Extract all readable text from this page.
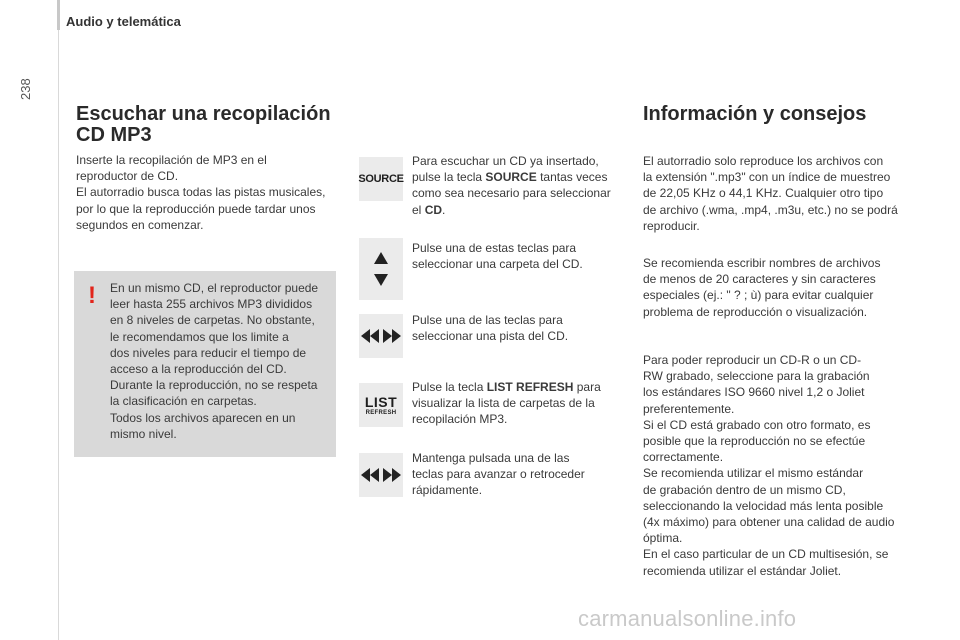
238
Audio y telemática
Escuchar una recopilación
CD MP3

Inserte la recopilación de MP3 en el

reproductor de CD.

El autorradio busca todas las pistas musicales,

por lo que la reproducción puede tardar unos

segundos en comenzar.

! En un mismo CD, el reproductor puede

leer hasta 255 archivos MP3 divididos

en 8 niveles de carpetas. No obstante,

le recomendamos que los limite a

dos niveles para reducir el tiempo de

acceso a la reproducción del CD.

Durante la reproducción, no se respeta

la clasificación en carpetas.

Todos los archivos aparecen en un

mismo nivel.

SOURCE

Para escuchar un CD ya insertado,

pulse la tecla SOURCE tantas veces

como sea necesario para seleccionar

el CD.

Pulse una de estas teclas para

seleccionar una carpeta del CD.

Pulse una de las teclas para

seleccionar una pista del CD.

LIST
REFRESH

Pulse la tecla LIST REFRESH para

visualizar la lista de carpetas de la

recopilación MP3.

Mantenga pulsada una de las

teclas para avanzar o retroceder

rápidamente.

Información y consejos

El autorradio solo reproduce los archivos con

la extensión ".mp3" con un índice de muestreo

de 22,05 KHz o 44,1 KHz. Cualquier otro tipo

de archivo (.wma, .mp4, .m3u, etc.) no se podrá

reproducir.

Se recomienda escribir nombres de archivos

de menos de 20 caracteres y sin caracteres

especiales (ej.: " ? ; ù) para evitar cualquier

problema de reproducción o visualización.

Para poder reproducir un CD-R o un CD-

RW grabado, seleccione para la grabación

los estándares ISO 9660 nivel 1,2 o Joliet

preferentemente.

Si el CD está grabado con otro formato, es

posible que la reproducción no se efectúe

correctamente.

Se recomienda utilizar el mismo estándar

de grabación dentro de un mismo CD,

seleccionando la velocidad más lenta posible

(4x máximo) para obtener una calidad de audio

óptima.

En el caso particular de un CD multisesión, se

recomienda utilizar el estándar Joliet.

carmanualsonline.info
